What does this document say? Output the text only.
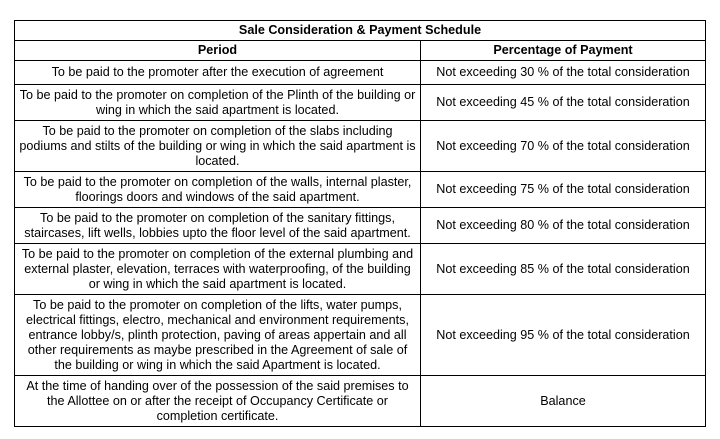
Sale Consideration & Payment Schedule	
Period	Percentage of Payment
To be paid to the promoter after the execution of agreement	Not exceeding 30 % of the total consideration
To be paid to the promoter on completion of the Plinth of the building or wing in which the said apartment is located.	Not exceeding 45 % of the total consideration
To be paid to the promoter on completion of the slabs including podiums and stilts of the building or wing in which the said apartment is located.	Not exceeding 70 % of the total consideration
To be paid to the promoter on completion of the walls, internal plaster, floorings doors and windows of the said apartment.	Not exceeding 75 % of the total consideration
To be paid to the promoter on completion of the sanitary fittings, staircases, lift wells, lobbies upto the floor level of the said apartment.	Not exceeding 80 % of the total consideration
To be paid to the promoter on completion of the external plumbing and external plaster, elevation, terraces with waterproofing, of the building or wing in which the said apartment is located.	Not exceeding 85 % of the total consideration
To be paid to the promoter on completion of the lifts, water pumps, electrical fittings, electro, mechanical and environment requirements, entrance lobby/s, plinth protection, paving of areas appertain and all other requirements as maybe prescribed in the Agreement of sale of the building or wing in which the said Apartment is located.	Not exceeding 95 % of the total consideration
At the time of handing over of the possession of the said premises to the Allottee on or after the receipt of Occupancy Certificate or completion certificate.	Balance
